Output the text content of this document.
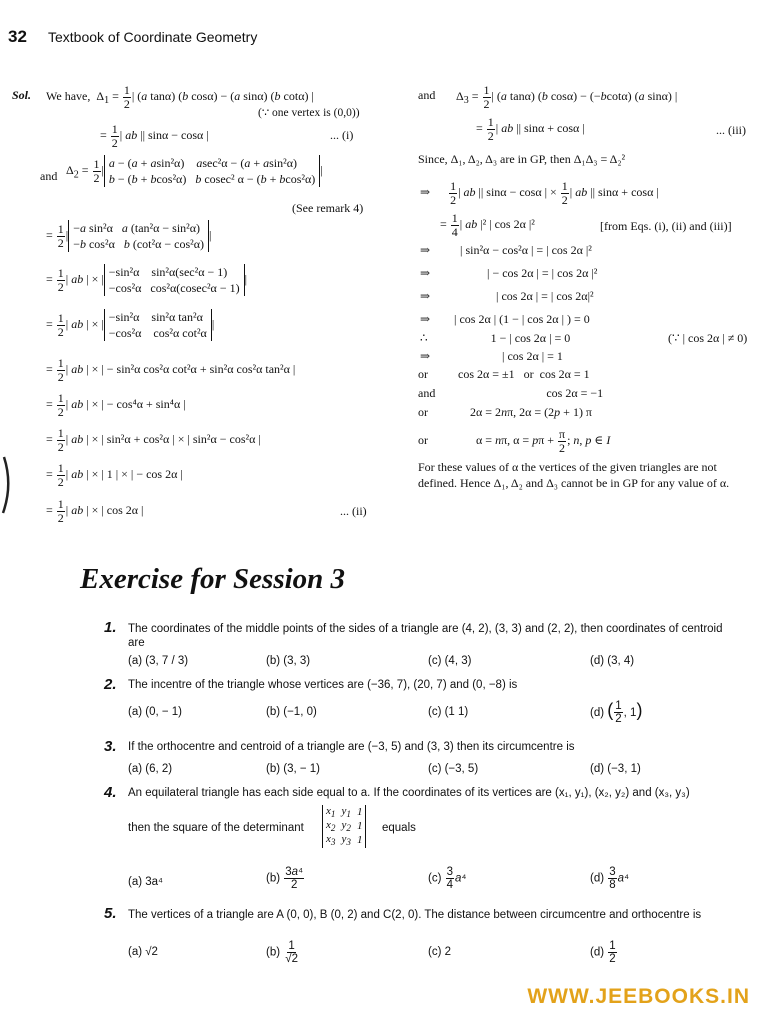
32 Textbook of Coordinate Geometry
Sol. We have,  $\Delta_1 = \frac{1}{2}$ | (a tanα) (b cosα) − (a sinα) (b cotα) |
(∵ one vertex is (0,0))
= $\frac{1}{2}$ | ab || sinα − cosα |	... (i)
and $\Delta_2 = \frac{1}{2}$ | a − (a + asin²α)    asec²α − (a + asin²α)
b − (b + bcos²α)   b cosec² α − (b + bcos²α)|
(See remark 4)
= $\frac{1}{2}$ | −a sin²α   a (tan²α − sin²α)
−b cos²α   b (cot²α − cos²α)|
= $\frac{1}{2}$ | ab | × | −sin²α    sin²α(sec²α − 1)
−cos²α   cos²α(cosec²α − 1)|
= $\frac{1}{2}$ | ab | × | −sin²α    sin²α tan²α
−cos²α    cos²α cot²α|
= $\frac{1}{2}$ | ab | × | − sin²α cos²α cot²α + sin²α cos²α tan²α |
= $\frac{1}{2}$ | ab | × | − cos⁴α + sin⁴α |
= $\frac{1}{2}$ | ab | × | sin²α + cos²α | × | sin²α − cos²α |
= $\frac{1}{2}$ | ab | × | 1 | × | − cos 2α |
= $\frac{1}{2}$ | ab | × | cos 2α |	... (ii)
and $\Delta_3 = \frac{1}{2}$ | (a tanα) (b cosα) − (−bcotα) (a sinα) |
= $\frac{1}{2}$ | ab || sinα + cosα |	... (iii)
Since, Δ₁, Δ₂, Δ₃ are in GP, then Δ₁Δ₃ = Δ₂²
⇒ $\frac{1}{2}$ | ab || sinα − cosα | × $\frac{1}{2}$ | ab || sinα + cosα |
= $\frac{1}{4}$ | ab |² | cos 2α |²	[from Eqs. (i), (ii) and (iii)]
⇒          | sin²α − cos²α | = | cos 2α |²
⇒                   | − cos 2α | = | cos 2α |²
⇒                      | cos 2α | = | cos 2α|²
⇒        | cos 2α | (1 − | cos 2α | ) = 0
∴                     1 − | cos 2α | = 0	(∵ | cos 2α | ≠ 0)
⇒                        | cos 2α | = 1
or          cos 2α = ±1   or  cos 2α = 1
and                                     cos 2α = −1
or              2α = 2nπ, 2α = (2p + 1) π
or                α = nπ, $\alpha = p\pi + \frac{\pi}{2}$ ; n, p ∈ I
For these values of α the vertices of the given triangles are not defined. Hence Δ₁, Δ₂ and Δ₃ cannot be in GP for any value of α.
Exercise for Session 3
1. The coordinates of the middle points of the sides of a triangle are (4, 2), (3, 3) and (2, 2), then coordinates of centroid are
(a) (3, 7 / 3)	(b) (3, 3)	(c) (4, 3)	(d) (3, 4)
2. The incentre of the triangle whose vertices are (−36, 7), (20, 7) and (0, −8) is
(a) (0, − 1)	(b) (−1, 0)	(c) (1 1)	(d) ( $\frac{1}{2}$ , 1)
3. If the orthocentre and centroid of a triangle are (−3, 5) and (3, 3) then its circumcentre is
(a) (6, 2)	(b) (3, − 1)	(c) (−3, 5)	(d) (−3, 1)
4. An equilateral triangle has each side equal to a. If the coordinates of its vertices are (x₁, y₁), (x₂, y₂) and (x₃, y₃)
then the square of the determinant
$x_1$	$y_1$	1
$x_2$	$y_2$	1
$x_3$	$y_3$	1
equals
(a) 3a⁴	$(b) \frac{\text{3a⁴}}{2}$	$(c) \frac{3}{4} a^4$	$(d) \frac{3}{8} a^4$
5. The vertices of a triangle are A (0, 0), B (0, 2) and C(2, 0). The distance between circumcentre and orthocentre is
(a) √2	$(b) \frac{1}{√2}$	(c) 2	$(d) \frac{1}{2}$
WWW.JEEBOOKS.IN
